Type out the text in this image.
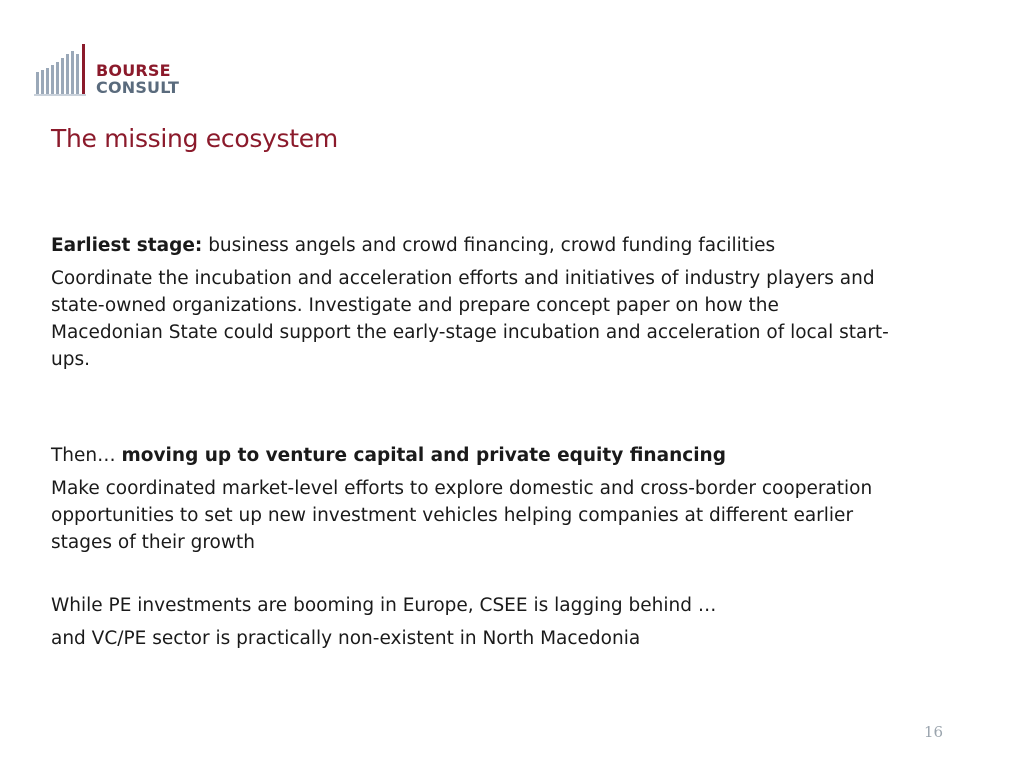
BOURSE
CONSULT
The missing ecosystem

Earliest stage: business angels and crowd financing, crowd funding facilities

Coordinate the incubation and acceleration efforts and initiatives of industry players and state-owned organizations. Investigate and prepare concept paper on how the Macedonian State could support the early-stage incubation and acceleration of local start-ups.

Then… moving up to venture capital and private equity financing

Make coordinated market-level efforts to explore domestic and cross-border cooperation opportunities to set up new investment vehicles helping companies at different earlier stages of their growth

While PE investments are booming in Europe, CSEE is lagging behind …

and VC/PE sector is practically non-existent in North Macedonia

16
